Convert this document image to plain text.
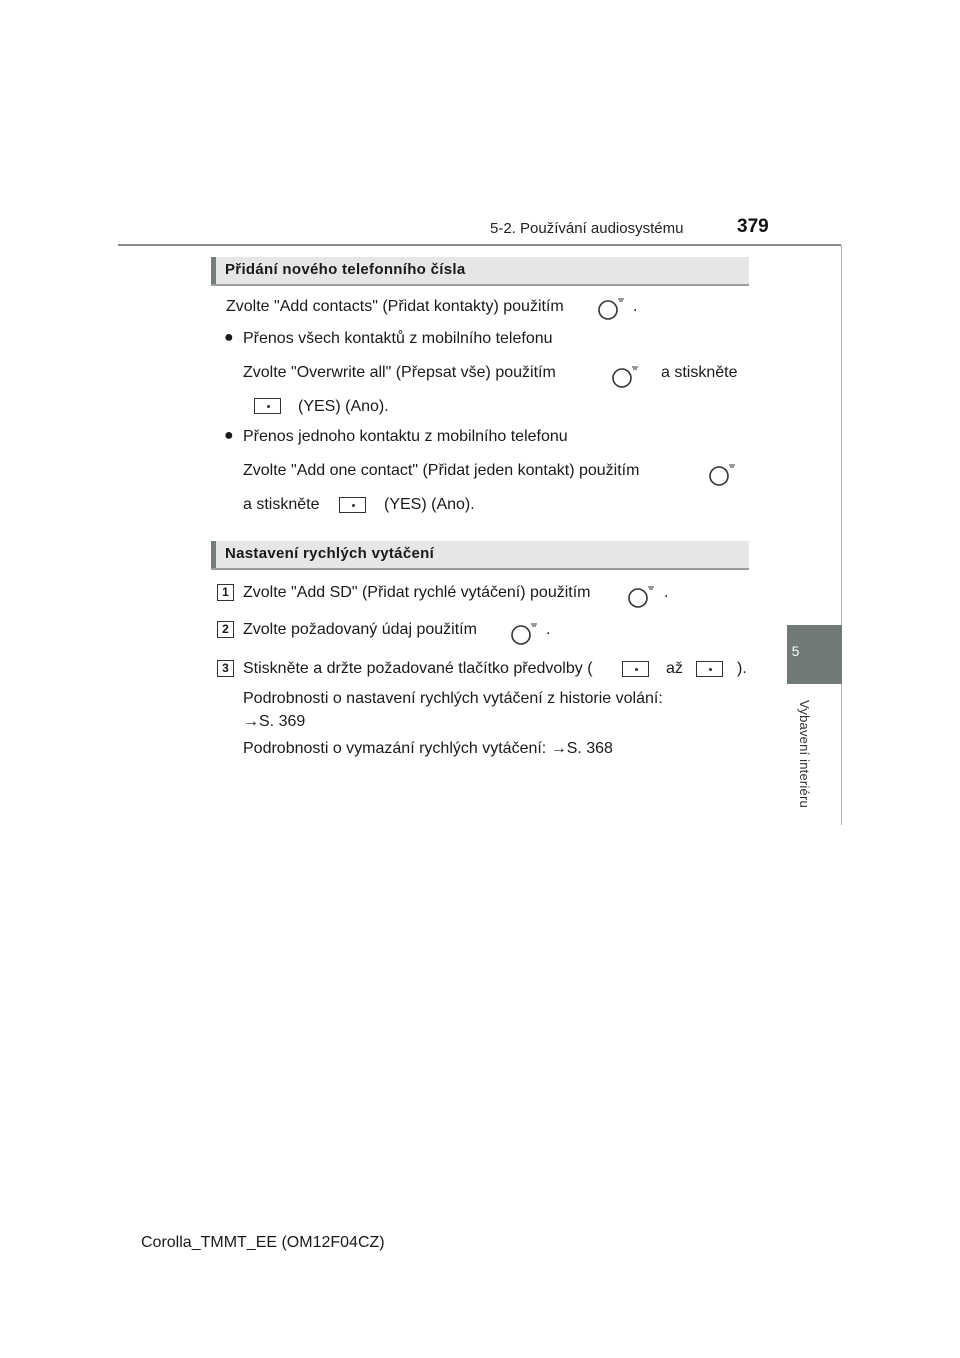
5-2. Používání audiosystému	379
5
Vybavení interiéru
Přidání nového telefonního čísla
Zvolte "Add contacts" (Přidat kontakty) použitím	.
● Přenos všech kontaktů z mobilního telefonu
Zvolte "Overwrite all" (Přepsat vše) použitím	a stiskněte
(YES) (Ano).
● Přenos jednoho kontaktu z mobilního telefonu
Zvolte "Add one contact" (Přidat jeden kontakt) použitím
a stiskněte	(YES) (Ano).
Nastavení rychlých vytáčení
1 Zvolte "Add SD" (Přidat rychlé vytáčení) použitím	.
2 Zvolte požadovaný údaj použitím	.
3 Stiskněte a držte požadované tlačítko předvolby (	až	).
Podrobnosti o nastavení rychlých vytáčení z historie volání:
→S. 369
Podrobnosti o vymazání rychlých vytáčení: →S. 368
Corolla_TMMT_EE (OM12F04CZ)
